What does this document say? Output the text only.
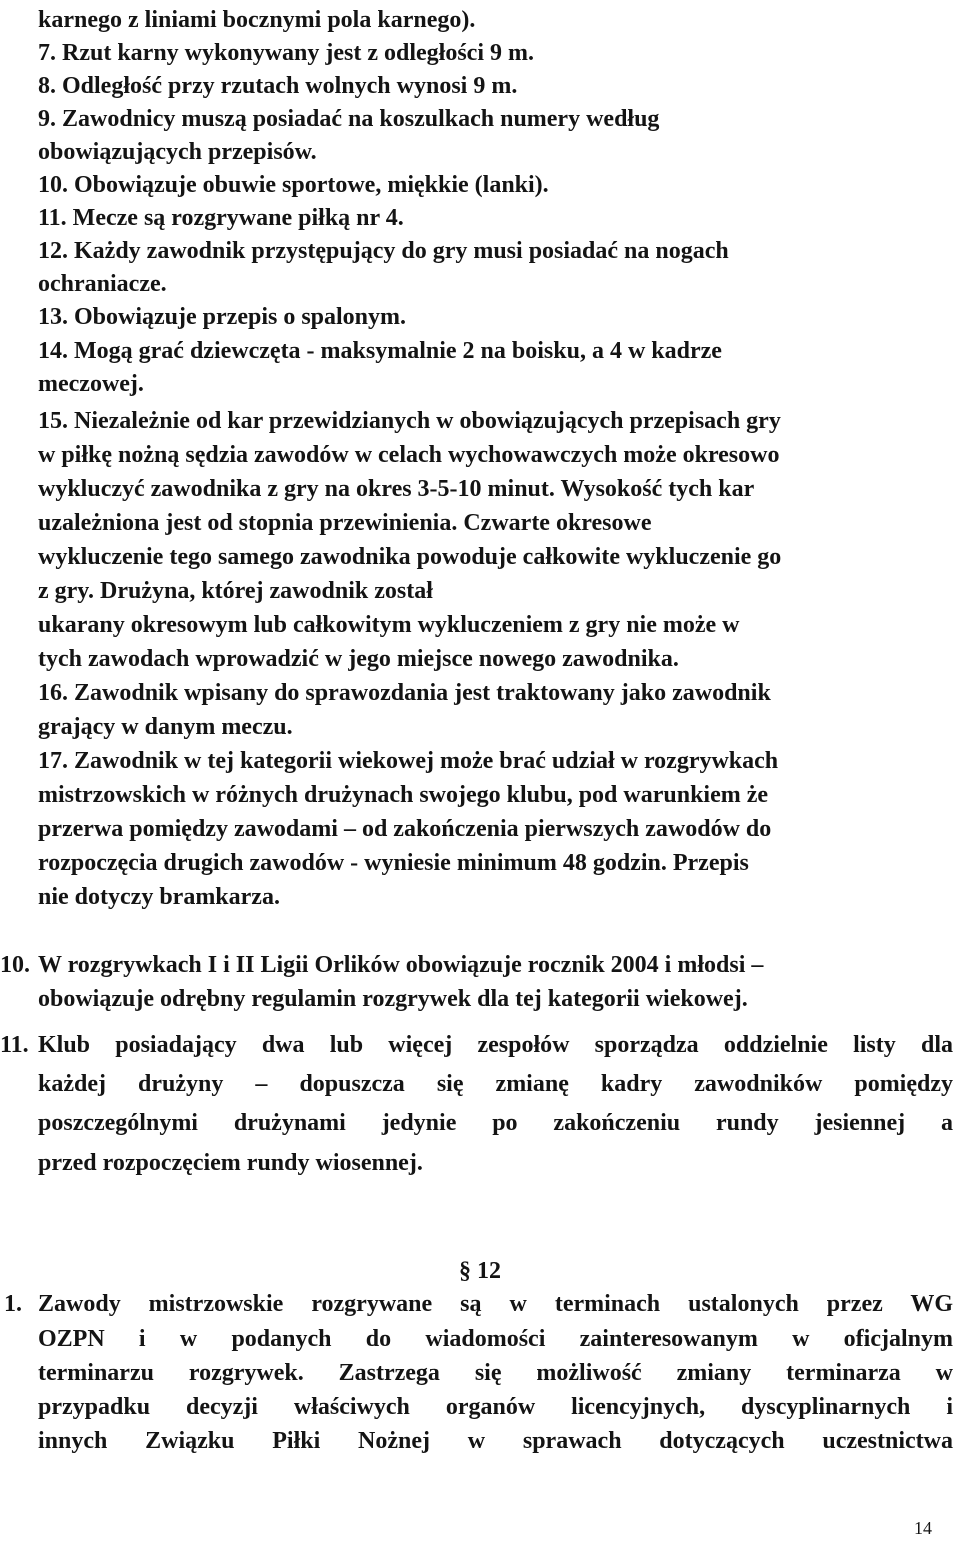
karnego z liniami bocznymi pola karnego).
7. Rzut karny wykonywany jest z odległości 9 m.
8. Odległość przy rzutach wolnych wynosi 9 m.
9. Zawodnicy muszą posiadać na koszulkach numery według
obowiązujących przepisów.
10. Obowiązuje obuwie sportowe, miękkie (lanki).
11. Mecze są rozgrywane piłką nr 4.
12. Każdy zawodnik przystępujący do gry musi posiadać na nogach
ochraniacze.
13. Obowiązuje przepis o spalonym.
14. Mogą grać dziewczęta - maksymalnie 2 na boisku, a 4 w kadrze
meczowej.
15. Niezależnie od kar przewidzianych w obowiązujących przepisach gry
w piłkę nożną sędzia zawodów w celach wychowawczych może okresowo
wykluczyć zawodnika z gry na okres 3-5-10 minut. Wysokość tych kar
uzależniona jest od stopnia przewinienia. Czwarte okresowe
wykluczenie tego samego zawodnika powoduje całkowite wykluczenie go
z gry. Drużyna, której zawodnik został
ukarany okresowym lub całkowitym wykluczeniem z gry nie może w
tych zawodach wprowadzić w jego miejsce nowego zawodnika.
16. Zawodnik wpisany do sprawozdania jest traktowany jako zawodnik
grający w danym meczu.
17. Zawodnik w tej kategorii wiekowej może brać udział w rozgrywkach
mistrzowskich w różnych drużynach swojego klubu, pod warunkiem że
przerwa pomiędzy zawodami – od zakończenia pierwszych zawodów do
rozpoczęcia drugich zawodów - wyniesie minimum 48 godzin. Przepis
nie dotyczy bramkarza.
10. W rozgrywkach I i II Ligii Orlików obowiązuje rocznik 2004 i młodsi –
obowiązuje odrębny regulamin rozgrywek dla tej kategorii wiekowej.
11. Klub posiadający dwa lub więcej zespołów sporządza oddzielnie listy dla
każdej drużyny – dopuszcza się zmianę kadry zawodników pomiędzy
poszczególnymi drużynami jedynie po zakończeniu rundy jesiennej a
przed rozpoczęciem rundy wiosennej.
§ 12
1. Zawody mistrzowskie rozgrywane są w terminach ustalonych przez WG
OZPN i w podanych do wiadomości zainteresowanym w oficjalnym
terminarzu rozgrywek. Zastrzega się możliwość zmiany terminarza w
przypadku decyzji właściwych organów licencyjnych, dyscyplinarnych i
innych Związku Piłki Nożnej w sprawach dotyczących uczestnictwa
14
